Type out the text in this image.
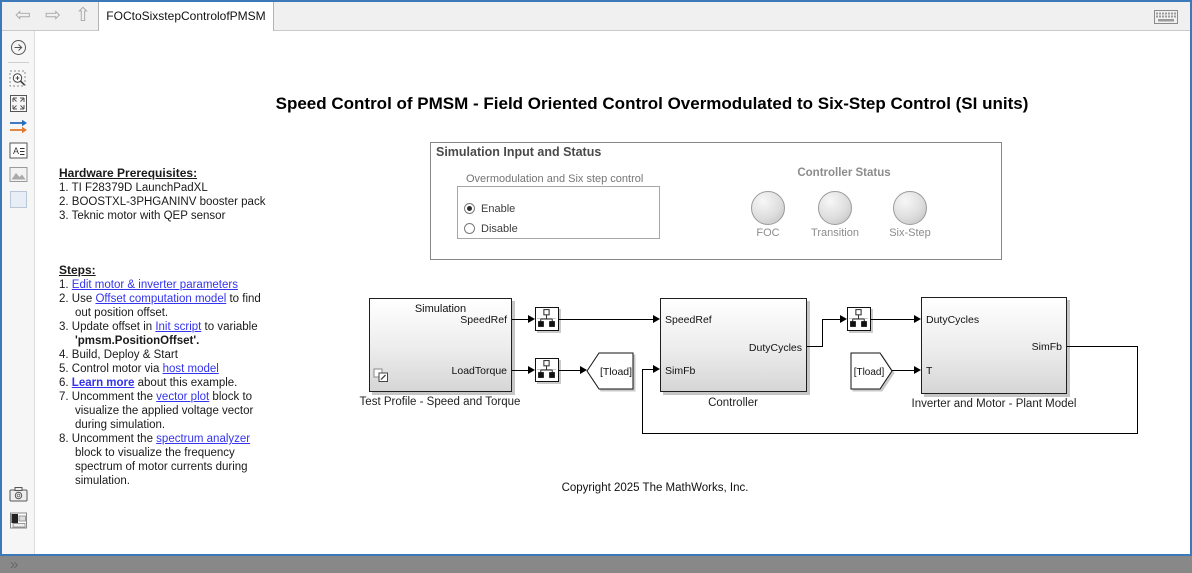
⇦ ⇨ ⇧	FOCtoSixstepControlofPMSM
A
»
Speed Control of PMSM - Field Oriented Control Overmodulated to Six-Step Control (SI units)
Hardware Prerequisites:
1. TI F28379D LaunchPadXL
2. BOOSTXL-3PHGANINV booster pack
3. Teknic motor with QEP sensor
Steps:
1. Edit motor & inverter parameters
2. Use Offset computation model to find
out position offset.
3. Update offset in Init script to variable
'pmsm.PositionOffset'.
4. Build, Deploy & Start
5. Control motor via host model
6. Learn more about this example.
7. Uncomment the vector plot block to
visualize the applied voltage vector
during simulation.
8. Uncomment the spectrum analyzer
block to visualize the frequency
spectrum of motor currents during
simulation.
Simulation Input and Status
Overmodulation and Six step control
Enable
Disable
Controller Status
FOC	Transition	Six-Step
Simulation
SpeedRef
LoadTorque
Test Profile - Speed and Torque
SpeedRef
SimFb
DutyCycles
Controller
DutyCycles
T
SimFb
Inverter and Motor - Plant Model
[Tload]	[Tload]
Copyright 2025 The MathWorks, Inc.
